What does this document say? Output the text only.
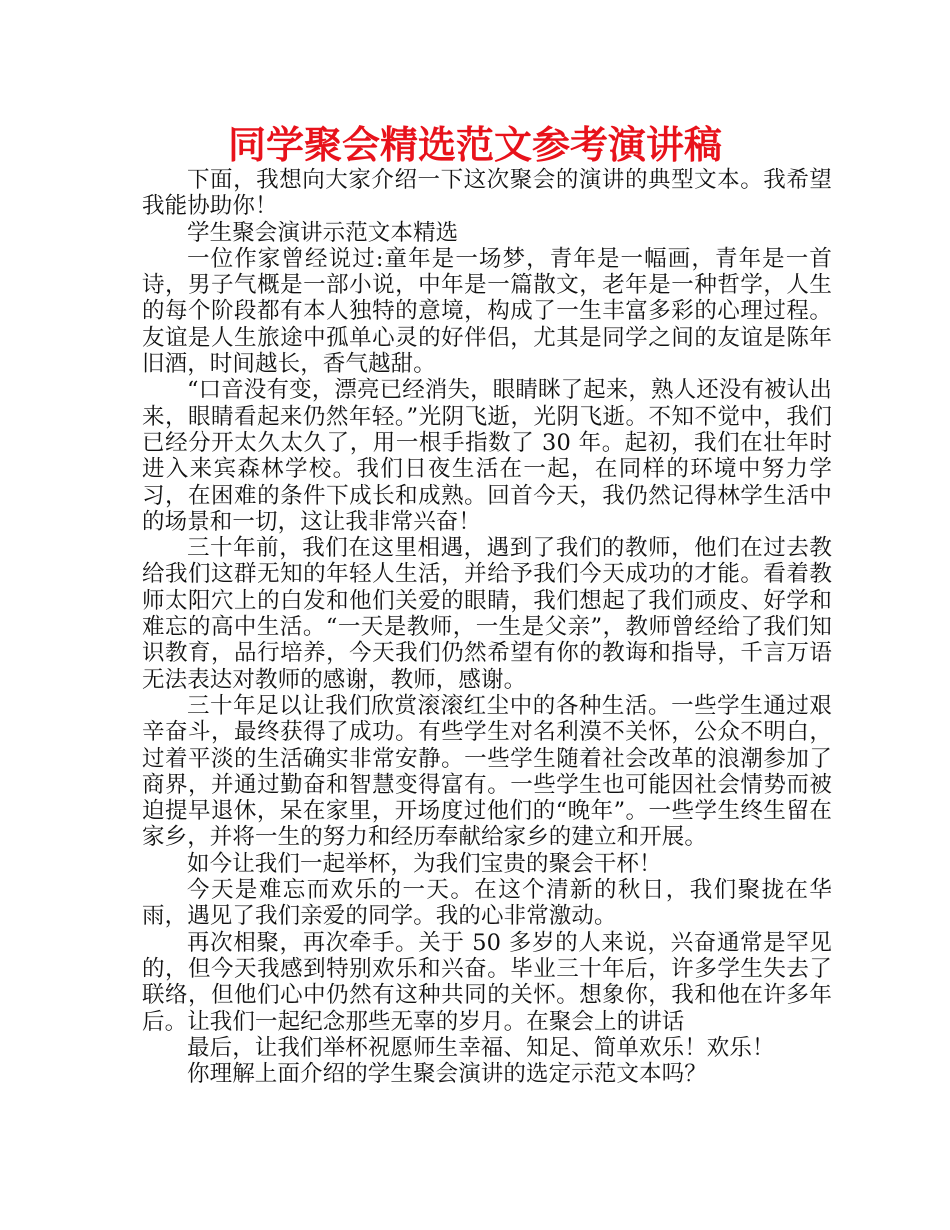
同学聚会精选范文参考演讲稿

下面，我想向大家介绍一下这次聚会的演讲的典型文本。我希望我能协助你！

学生聚会演讲示范文本精选

一位作家曾经说过:童年是一场梦，青年是一幅画，青年是一首诗，男子气概是一部小说，中年是一篇散文，老年是一种哲学，人生的每个阶段都有本人独特的意境，构成了一生丰富多彩的心理过程。友谊是人生旅途中孤单心灵的好伴侣，尤其是同学之间的友谊是陈年旧酒，时间越长，香气越甜。

“口音没有变，漂亮已经消失，眼睛眯了起来，熟人还没有被认出来，眼睛看起来仍然年轻。”光阴飞逝，光阴飞逝。不知不觉中，我们已经分开太久太久了，用一根手指数了 30 年。起初，我们在壮年时进入来宾森林学校。我们日夜生活在一起，在同样的环境中努力学习，在困难的条件下成长和成熟。回首今天，我仍然记得林学生活中的场景和一切，这让我非常兴奋！

三十年前，我们在这里相遇，遇到了我们的教师，他们在过去教给我们这群无知的年轻人生活，并给予我们今天成功的才能。看着教师太阳穴上的白发和他们关爱的眼睛，我们想起了我们顽皮、好学和难忘的高中生活。“一天是教师，一生是父亲”，教师曾经给了我们知识教育，品行培养，今天我们仍然希望有你的教诲和指导，千言万语无法表达对教师的感谢，教师，感谢。

三十年足以让我们欣赏滚滚红尘中的各种生活。一些学生通过艰辛奋斗，最终获得了成功。有些学生对名利漠不关怀，公众不明白，过着平淡的生活确实非常安静。一些学生随着社会改革的浪潮参加了商界，并通过勤奋和智慧变得富有。一些学生也可能因社会情势而被迫提早退休，呆在家里，开场度过他们的“晚年”。一些学生终生留在家乡，并将一生的努力和经历奉献给家乡的建立和开展。

如今让我们一起举杯，为我们宝贵的聚会干杯！

今天是难忘而欢乐的一天。在这个清新的秋日，我们聚拢在华雨，遇见了我们亲爱的同学。我的心非常激动。

再次相聚，再次牵手。关于 50 多岁的人来说，兴奋通常是罕见的，但今天我感到特别欢乐和兴奋。毕业三十年后，许多学生失去了联络，但他们心中仍然有这种共同的关怀。想象你，我和他在许多年后。让我们一起纪念那些无辜的岁月。在聚会上的讲话

最后，让我们举杯祝愿师生幸福、知足、简单欢乐！欢乐！

你理解上面介绍的学生聚会演讲的选定示范文本吗？
